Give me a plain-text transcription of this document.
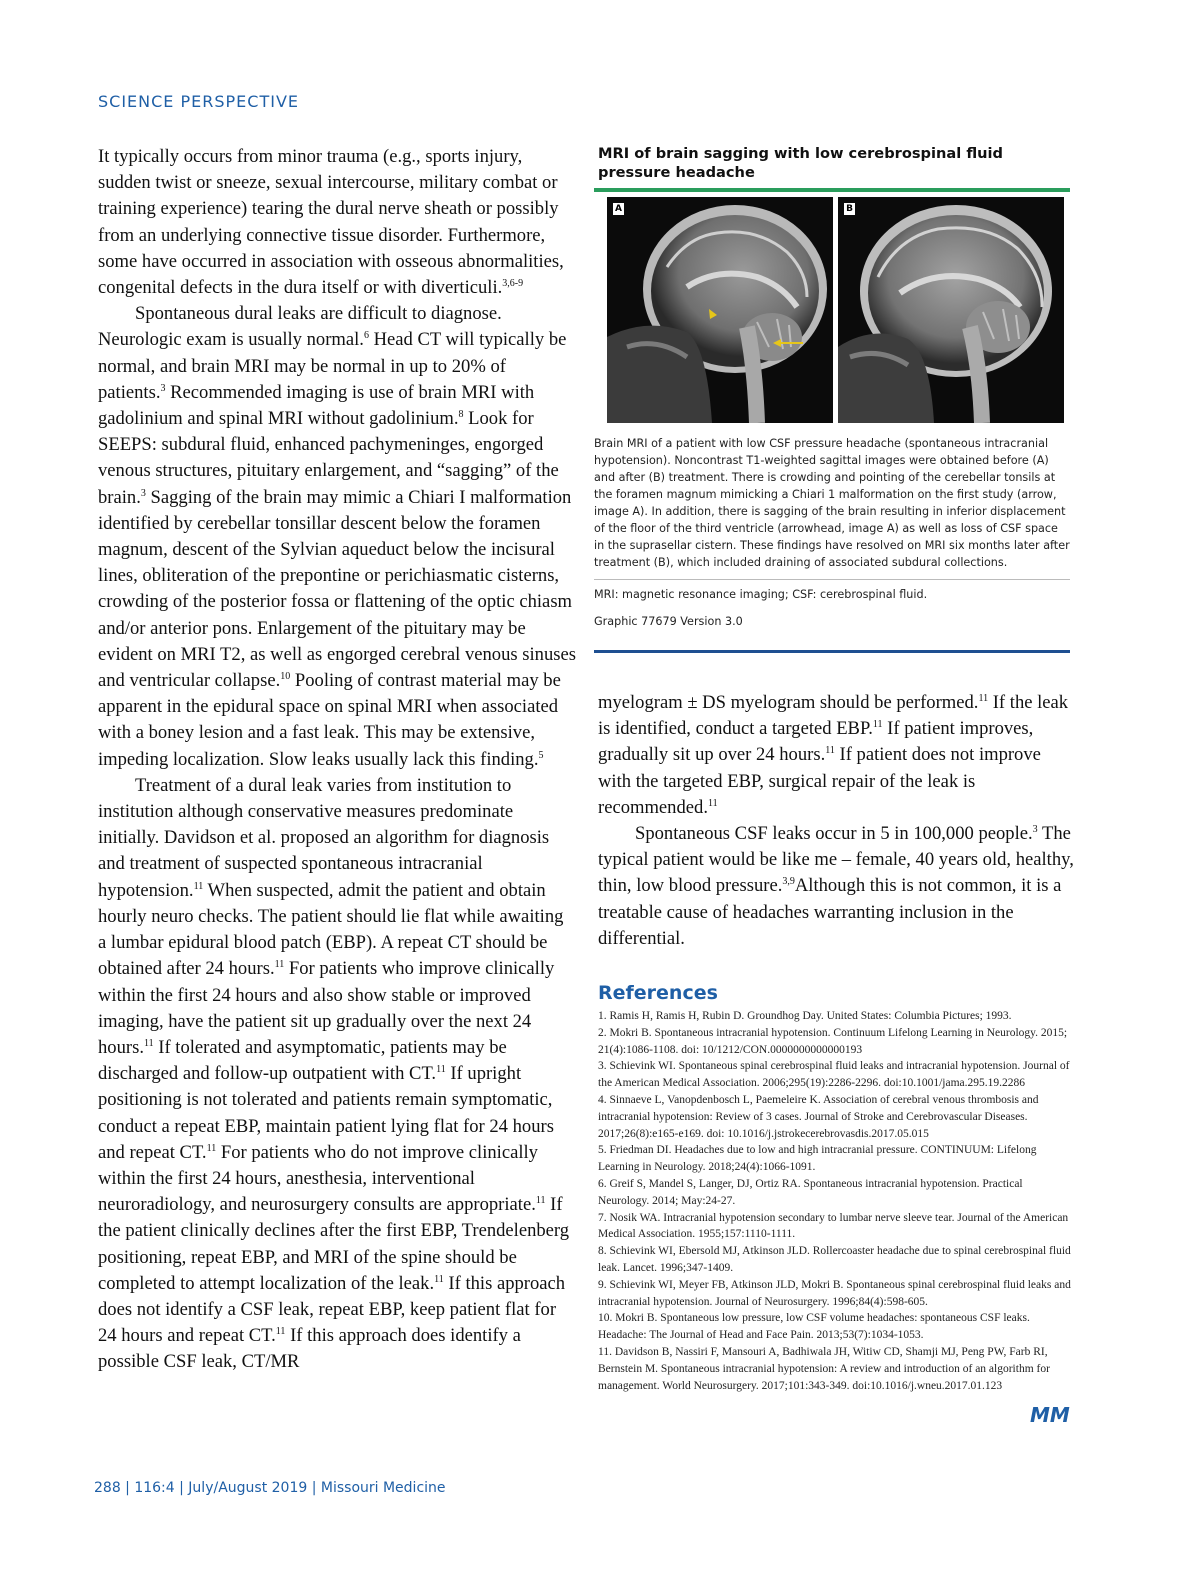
SCIENCE PERSPECTIVE

It typically occurs from minor trauma (e.g., sports injury, sudden twist or sneeze, sexual intercourse, military combat or training experience) tearing the dural nerve sheath or possibly from an underlying connective tissue disorder. Furthermore, some have occurred in association with osseous abnormalities, congenital defects in the dura itself or with diverticuli.$^{3,6-9}$

Spontaneous dural leaks are difficult to diagnose. Neurologic exam is usually normal.$^6$ Head CT will typically be normal, and brain MRI may be normal in up to 20% of patients.$^3$ Recommended imaging is use of brain MRI with gadolinium and spinal MRI without gadolinium.$^8$ Look for SEEPS: subdural fluid, enhanced pachymeninges, engorged venous structures, pituitary enlargement, and “sagging” of the brain.$^3$ Sagging of the brain may mimic a Chiari I malformation identified by cerebellar tonsillar descent below the foramen magnum, descent of the Sylvian aqueduct below the incisural lines, obliteration of the prepontine or perichiasmatic cisterns, crowding of the posterior fossa or flattening of the optic chiasm and/or anterior pons. Enlargement of the pituitary may be evident on MRI T2, as well as engorged cerebral venous sinuses and ventricular collapse.$^{10}$ Pooling of contrast material may be apparent in the epidural space on spinal MRI when associated with a boney lesion and a fast leak. This may be extensive, impeding localization. Slow leaks usually lack this finding.$^5$

Treatment of a dural leak varies from institution to institution although conservative measures predominate initially. Davidson et al. proposed an algorithm for diagnosis and treatment of suspected spontaneous intracranial hypotension.$^{11}$ When suspected, admit the patient and obtain hourly neuro checks. The patient should lie flat while awaiting a lumbar epidural blood patch (EBP). A repeat CT should be obtained after 24 hours.$^{11}$ For patients who improve clinically within the first 24 hours and also show stable or improved imaging, have the patient sit up gradually over the next 24 hours.$^{11}$ If tolerated and asymptomatic, patients may be discharged and follow-up outpatient with CT.$^{11}$ If upright positioning is not tolerated and patients remain symptomatic, conduct a repeat EBP, maintain patient lying flat for 24 hours and repeat CT.$^{11}$ For patients who do not improve clinically within the first 24 hours, anesthesia, interventional neuroradiology, and neurosurgery consults are appropriate.$^{11}$ If the patient clinically declines after the first EBP, Trendelenberg positioning, repeat EBP, and MRI of the spine should be completed to attempt localization of the leak.$^{11}$ If this approach does not identify a CSF leak, repeat EBP, keep patient flat for 24 hours and repeat CT.$^{11}$ If this approach does identify a possible CSF leak, CT/MR

MRI of brain sagging with low cerebrospinal fluid pressure headache

A	B

Brain MRI of a patient with low CSF pressure headache (spontaneous intracranial hypotension). Noncontrast T1-weighted sagittal images were obtained before (A) and after (B) treatment. There is crowding and pointing of the cerebellar tonsils at the foramen magnum mimicking a Chiari 1 malformation on the first study (arrow, image A). In addition, there is sagging of the brain resulting in inferior displacement of the floor of the third ventricle (arrowhead, image A) as well as loss of CSF space in the suprasellar cistern. These findings have resolved on MRI six months later after treatment (B), which included draining of associated subdural collections.

MRI: magnetic resonance imaging; CSF: cerebrospinal fluid.
Graphic 77679 Version 3.0

myelogram ± DS myelogram should be performed.$^{11}$ If the leak is identified, conduct a targeted EBP.$^{11}$ If patient improves, gradually sit up over 24 hours.$^{11}$ If patient does not improve with the targeted EBP, surgical repair of the leak is recommended.$^{11}$

Spontaneous CSF leaks occur in 5 in 100,000 people.$^3$ The typical patient would be like me – female, 40 years old, healthy, thin, low blood pressure.$^{3,9}$Although this is not common, it is a treatable cause of headaches warranting inclusion in the differential.

References

1. Ramis H, Ramis H, Rubin D. Groundhog Day. United States: Columbia Pictures; 1993.

2. Mokri B. Spontaneous intracranial hypotension. Continuum Lifelong Learning in Neurology. 2015; 21(4):1086-1108. doi: 10/1212/CON.0000000000000193

3. Schievink WI. Spontaneous spinal cerebrospinal fluid leaks and intracranial hypotension. Journal of the American Medical Association. 2006;295(19):2286-2296. doi:10.1001/jama.295.19.2286

4. Sinnaeve L, Vanopdenbosch L, Paemeleire K. Association of cerebral venous thrombosis and intracranial hypotension: Review of 3 cases. Journal of Stroke and Cerebrovascular Diseases. 2017;26(8):e165-e169. doi: 10.1016/j.jstrokecerebrovasdis.2017.05.015

5. Friedman DI. Headaches due to low and high intracranial pressure. CONTINUUM: Lifelong Learning in Neurology. 2018;24(4):1066-1091.

6. Greif S, Mandel S, Langer, DJ, Ortiz RA. Spontaneous intracranial hypotension. Practical Neurology. 2014; May:24-27.

7. Nosik WA. Intracranial hypotension secondary to lumbar nerve sleeve tear. Journal of the American Medical Association. 1955;157:1110-1111.

8. Schievink WI, Ebersold MJ, Atkinson JLD. Rollercoaster headache due to spinal cerebrospinal fluid leak. Lancet. 1996;347-1409.

9. Schievink WI, Meyer FB, Atkinson JLD, Mokri B. Spontaneous spinal cerebrospinal fluid leaks and intracranial hypotension. Journal of Neurosurgery. 1996;84(4):598-605.

10. Mokri B. Spontaneous low pressure, low CSF volume headaches: spontaneous CSF leaks. Headache: The Journal of Head and Face Pain. 2013;53(7):1034-1053.

11. Davidson B, Nassiri F, Mansouri A, Badhiwala JH, Witiw CD, Shamji MJ, Peng PW, Farb RI, Bernstein M. Spontaneous intracranial hypotension: A review and introduction of an algorithm for management. World Neurosurgery. 2017;101:343-349. doi:10.1016/j.wneu.2017.01.123

MM
288 | 116:4 | July/August 2019 | Missouri Medicine
